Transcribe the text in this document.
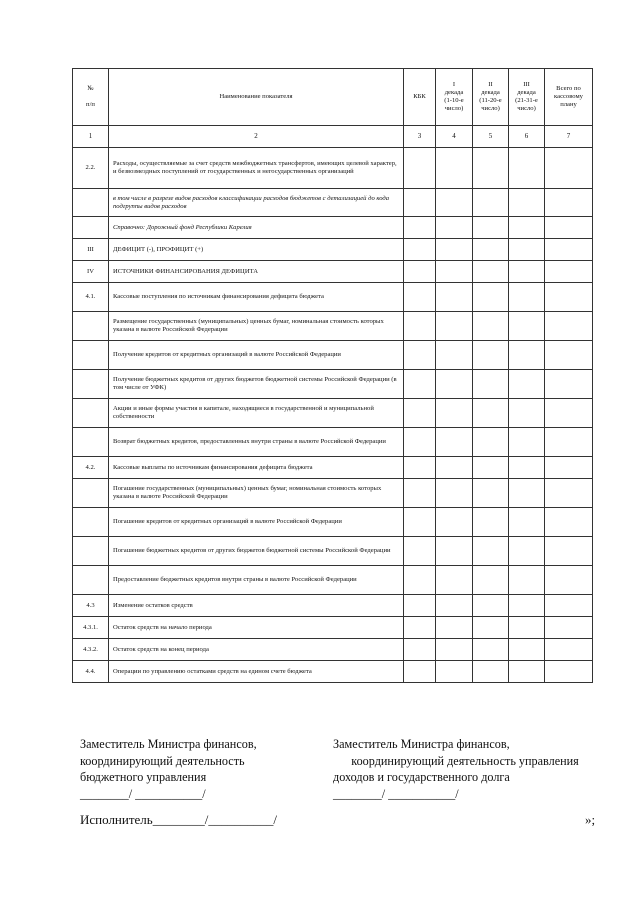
№

п/п	Наименование показателя	КБК	I
декада
(1-10-е
число)	II
декада
(11-20-е
число)	III
декада
(21-31-е
число)	Всего по
кассовому
плану
1	2	3	4	5	6	7
2.2.	Расходы, осуществляемые за счет средств межбюджетных трансфертов, имеющих целевой характер, и безвозмездных поступлений от государственных и негосударственных организаций					
	в том числе в разрезе видов расходов классификации расходов бюджетов с детализацией до кода подгруппы видов расходов					
	Справочно: Дорожный фонд Республики Карелия					
III	ДЕФИЦИТ (-), ПРОФИЦИТ (+)					
IV	ИСТОЧНИКИ ФИНАНСИРОВАНИЯ ДЕФИЦИТА					
4.1.	Кассовые поступления по источникам финансирования дефицита бюджета					
	Размещение государственных (муниципальных) ценных бумаг, номинальная стоимость которых указана в валюте Российской Федерации					
	Получение кредитов от кредитных организаций в валюте Российской Федерации					
	Получение бюджетных кредитов от других бюджетов бюджетной системы Российской Федерации (в том числе от УФК)					
	Акции и иные формы участия в капитале, находящиеся в государственной и муниципальной собственности					
	Возврат бюджетных кредитов, предоставленных внутри страны в валюте Российской Федерации					
4.2.	Кассовые выплаты по источникам финансирования дефицита бюджета					
	Погашение государственных (муниципальных) ценных бумаг, номинальная стоимость которых указана в валюте Российской Федерации					
	Погашение кредитов от кредитных организаций в валюте Российской Федерации					
	Погашение бюджетных кредитов от других бюджетов бюджетной системы Российской Федерации					
	Предоставление бюджетных кредитов внутри страны в валюте Российской Федерации					
4.3	Изменение остатков средств					
4.3.1.	Остаток средств на начало периода					
4.3.2.	Остаток средств на конец периода					
4.4.	Операции по управлению остатками средств на едином счете бюджета					
Заместитель Министра финансов,
координирующий деятельность
бюджетного управления
________/ ___________/
Заместитель Министра финансов,
координирующий деятельность управления
доходов и государственного долга
________/ ___________/
Исполнитель________/__________/	»;
